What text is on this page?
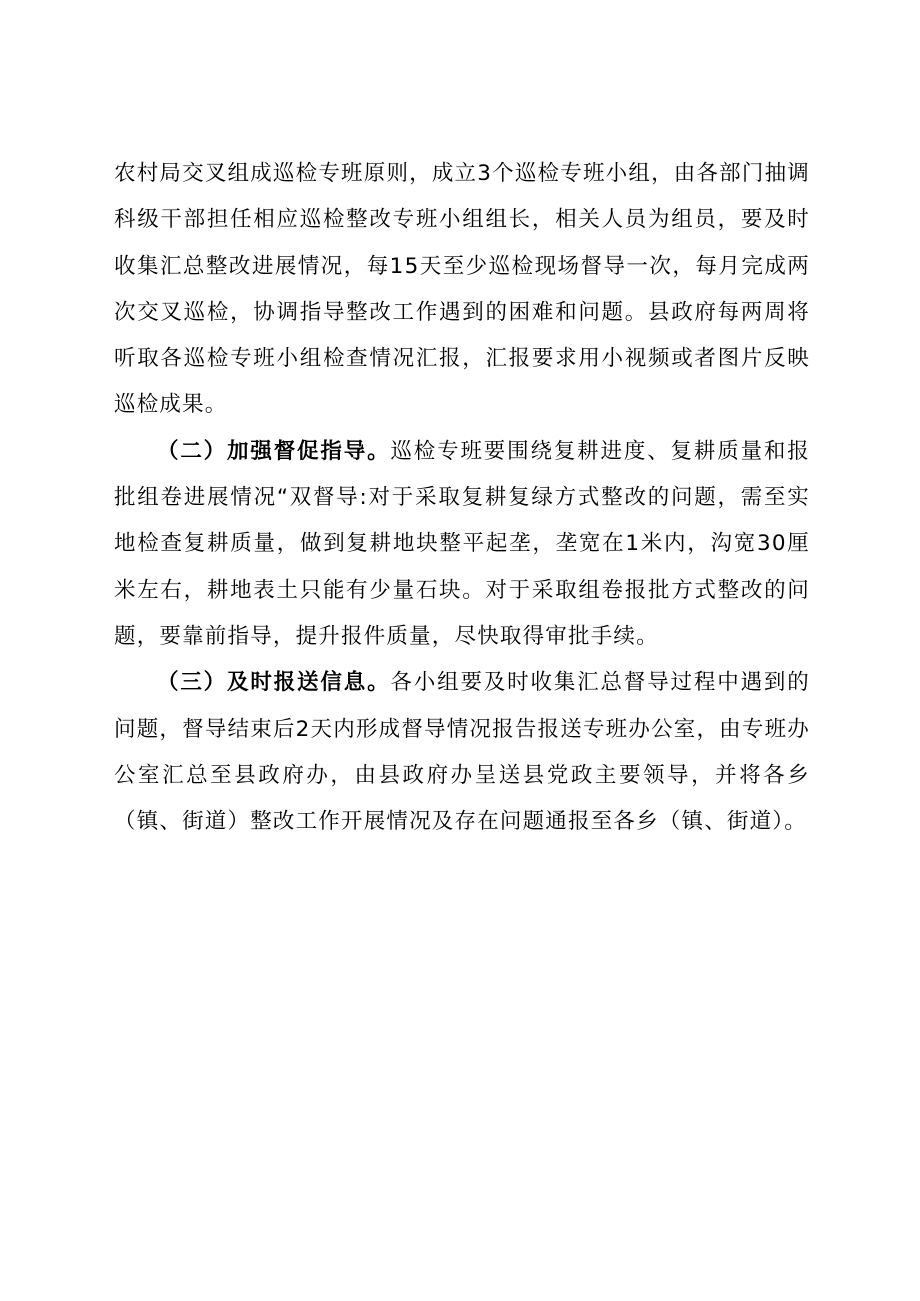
农村局交叉组成巡检专班原则，成立3个巡检专班小组，由各部门抽调科级干部担任相应巡检整改专班小组组长，相关人员为组员，要及时收集汇总整改进展情况，每15天至少巡检现场督导一次，每月完成两次交叉巡检，协调指导整改工作遇到的困难和问题。县政府每两周将听取各巡检专班小组检查情况汇报，汇报要求用小视频或者图片反映巡检成果。

（二）加强督促指导。巡检专班要围绕复耕进度、复耕质量和报批组卷进展情况“双督导:对于采取复耕复绿方式整改的问题，需至实地检查复耕质量，做到复耕地块整平起垄，垄宽在1米内，沟宽30厘米左右，耕地表土只能有少量石块。对于采取组卷报批方式整改的问题，要靠前指导，提升报件质量，尽快取得审批手续。

（三）及时报送信息。各小组要及时收集汇总督导过程中遇到的问题，督导结束后2天内形成督导情况报告报送专班办公室，由专班办公室汇总至县政府办，由县政府办呈送县党政主要领导，并将各乡（镇、街道）整改工作开展情况及存在问题通报至各乡（镇、街道）。
